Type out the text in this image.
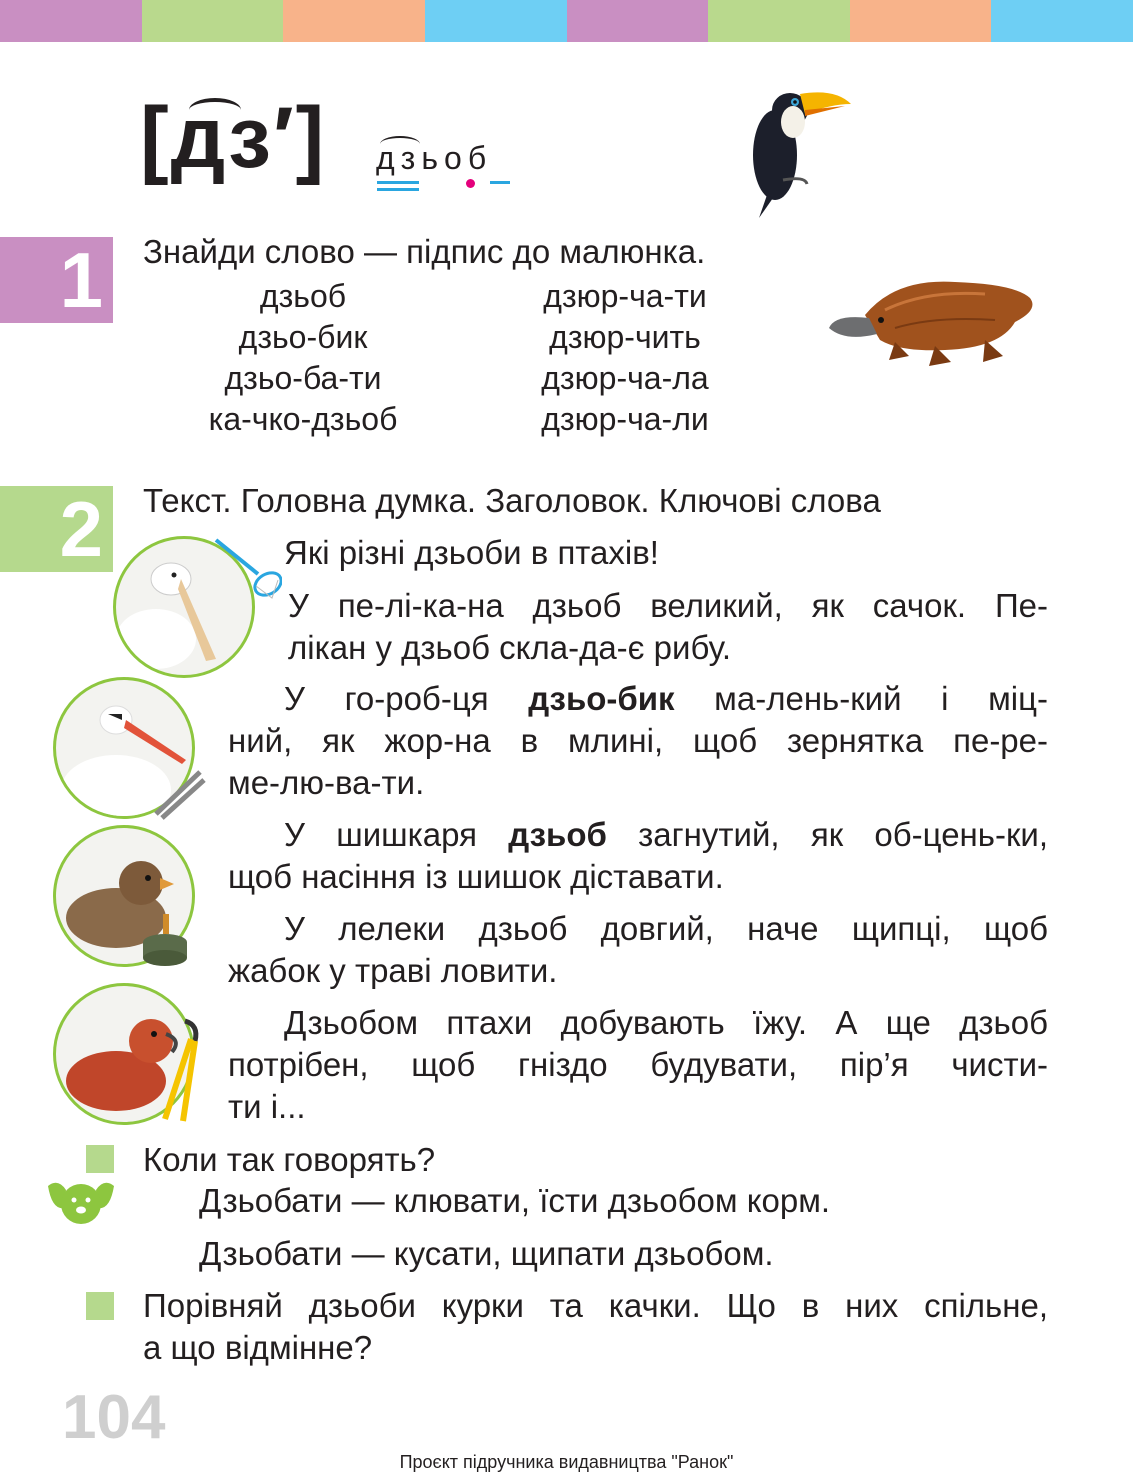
[дз′] дзьоб
1	Знайди слово — підпис до малюнка.
дзьоб
дзьо-бик
дзьо-ба-ти
ка-чко-дзьоб
дзюр-ча-ти
дзюр-чить
дзюр-ча-ла
дзюр-ча-ли
2	Текст. Головна думка. Заголовок. Ключові слова
Які різні дзьоби в птахів!
У пе-лі-ка-на дзьоб великий, як сачок. Пе-
лікан у дзьоб скла-да-є рибу.
У го-роб-ця дзьо-бик ма-лень-кий і міц-
ний, як жор-на в млині, щоб зернятка пе-ре-
ме-лю-ва-ти.
У шишкаря дзьоб загнутий, як об-цень-ки,
щоб насіння із шишок діставати.
У лелеки дзьоб довгий, наче щипці, щоб
жабок у траві ловити.
Дзьобом птахи добувають їжу. А ще дзьоб
потрібен, щоб гніздо будувати, пір’я чисти-
ти і...
Коли так говорять?
Дзьобати — клювати, їсти дзьобом корм.
Дзьобати — кусати, щипати дзьобом.
Порівняй дзьоби курки та качки. Що в них спільне,
а що відмінне?
104
Проєкт підручника видавництва "Ранок"
